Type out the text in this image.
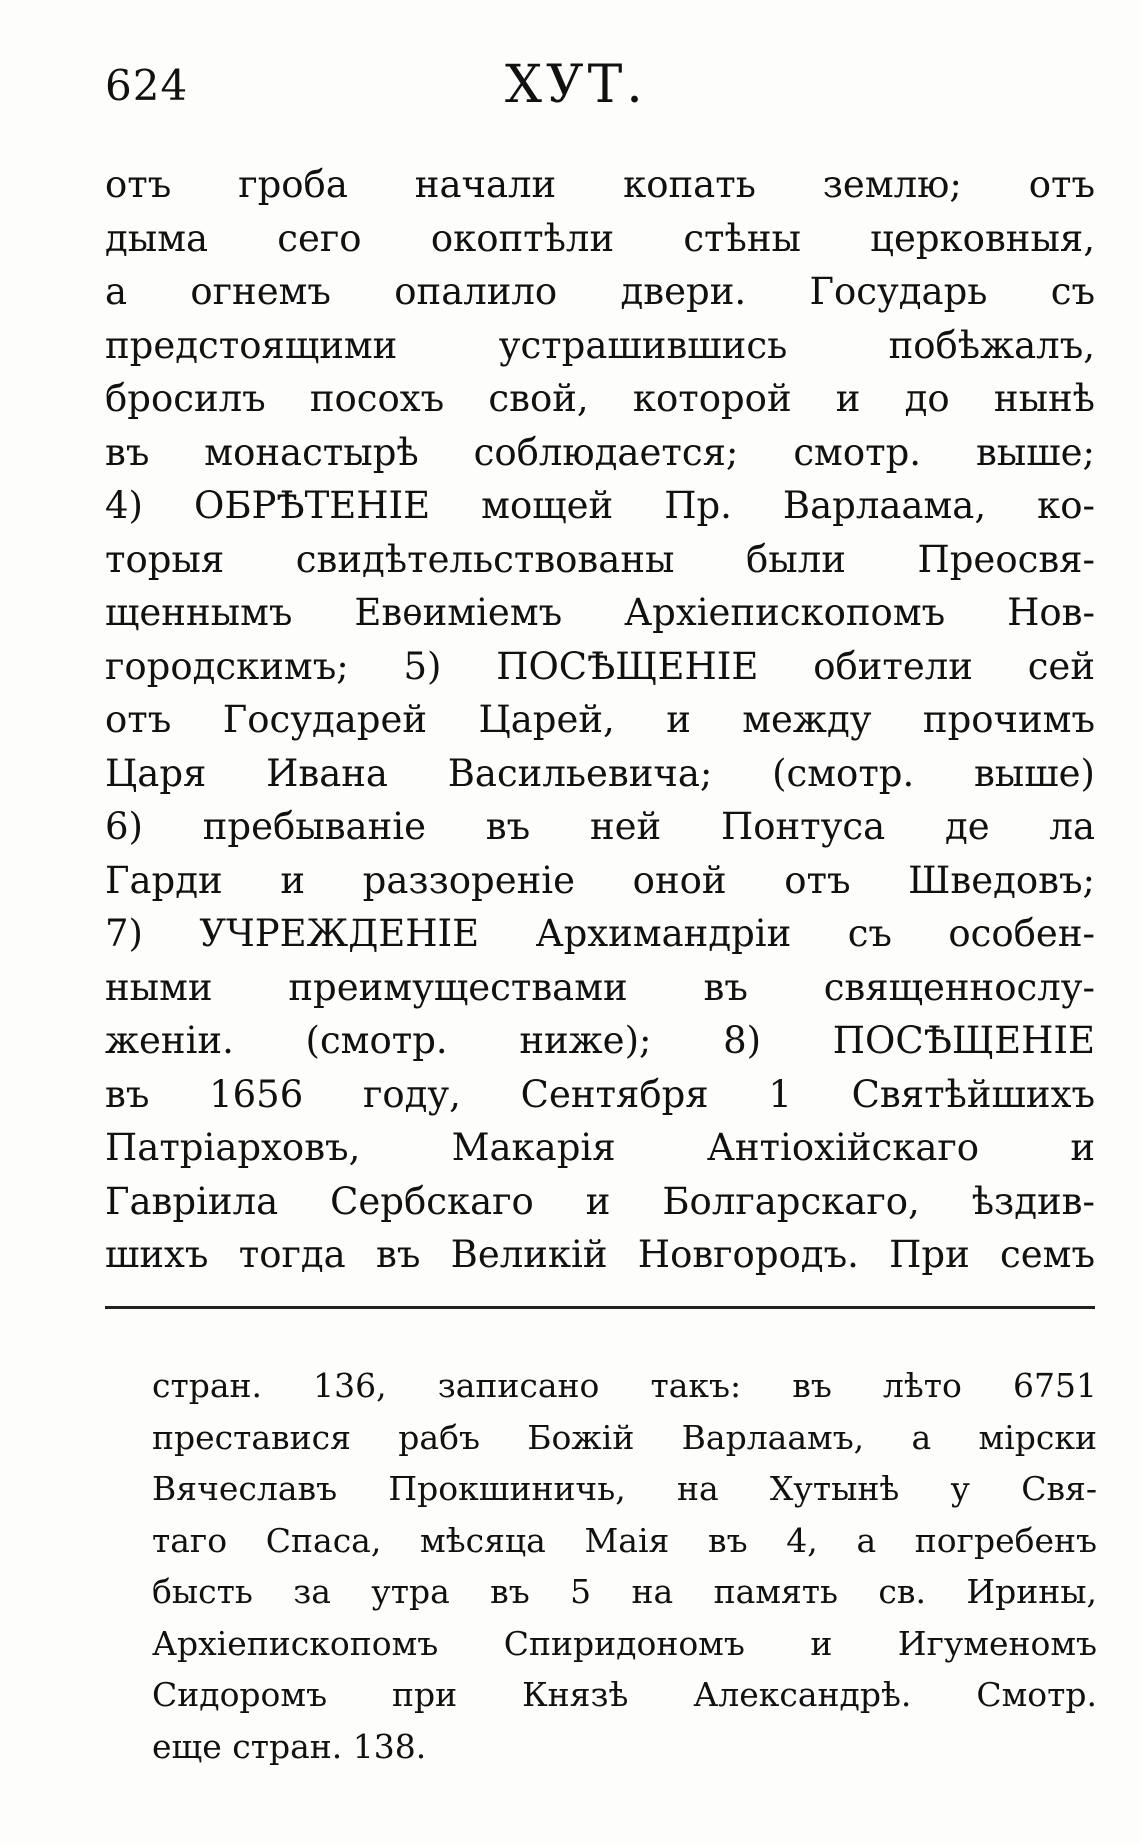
624	ХУТ.
отъ гроба начали копать землю; отъ
дыма сего окоптѣли стѣны церковныя,
а огнемъ опалило двери. Государь съ
предстоящими устрашившись побѣжалъ,
бросилъ посохъ свой, которой и до нынѣ
въ монастырѣ соблюдается; смотр. выше;
4) ОБРѢТЕНІЕ мощей Пр. Варлаама, ко-
торыя свидѣтельствованы были Преосвя-
щеннымъ Евѳиміемъ Архіепископомъ Нов-
городскимъ; 5) ПОСѢЩЕНІЕ обители сей
отъ Государей Царей, и между прочимъ
Царя Ивана Васильевича; (смотр. выше)
6) пребываніе въ ней Понтуса де ла
Гарди и раззореніе оной отъ Шведовъ;
7) УЧРЕЖДЕНІЕ Архимандріи съ особен-
ными преимуществами въ священнослу-
женіи. (смотр. ниже); 8) ПОСѢЩЕНІЕ
въ 1656 году, Сентября 1 Святѣйшихъ
Патріарховъ, Макарія Антіохійскаго и
Гавріила Сербскаго и Болгарскаго, ѣздив-
шихъ тогда въ Великій Новгородъ. При семъ
стран. 136, записано такъ: въ лѣто 6751
преставися рабъ Божій Варлаамъ, а мірски
Вячеславъ Прокшиничь, на Хутынѣ у Свя-
таго Спаса, мѣсяца Маія въ 4, а погребенъ
бысть за утра въ 5 на память св. Ирины,
Архіепископомъ Спиридономъ и Игуменомъ
Сидоромъ при Князѣ Александрѣ. Смотр.
еще стран. 138.
